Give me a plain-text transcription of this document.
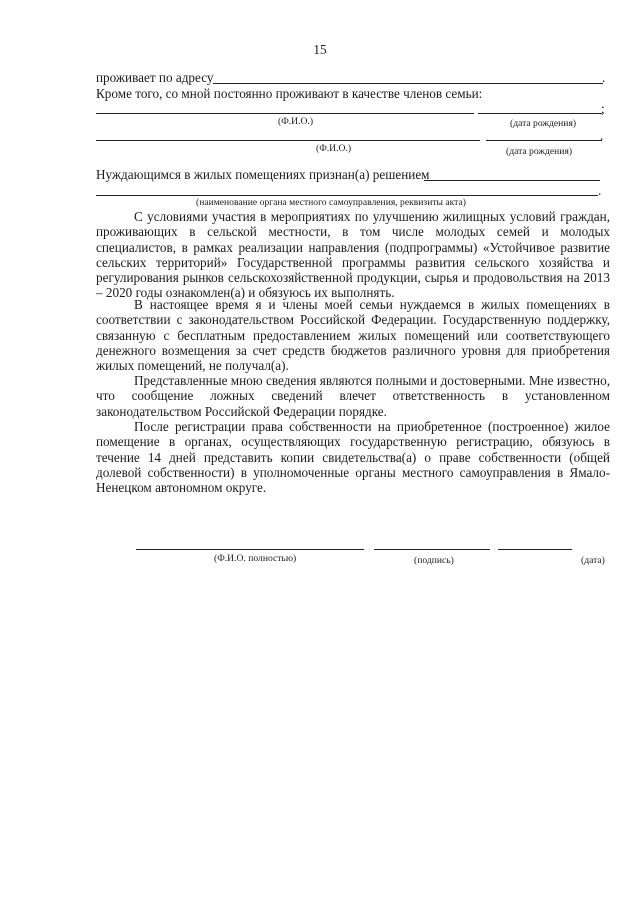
15
проживает по адресу	.
Кроме того, со мной постоянно проживают в качестве членов семьи:
;
(Ф.И.О.)	(дата рождения)
.
(Ф.И.О.)	(дата рождения)
Нуждающимся в жилых помещениях признан(а) решением
.
(наименование органа местного самоуправления, реквизиты акта)
С условиями участия в мероприятиях по улучшению жилищных условий граждан, проживающих в сельской местности, в том числе молодых семей и молодых специалистов, в рамках реализации направления (подпрограммы) «Устойчивое развитие сельских территорий» Государственной программы развития сельского хозяйства и регулирования рынков сельскохозяйственной продукции, сырья и продовольствия на 2013 – 2020 годы ознакомлен(а) и обязуюсь их выполнять.
В настоящее время я и члены моей семьи нуждаемся в жилых помещениях в соответствии с законодательством Российской Федерации. Государственную поддержку, связанную с бесплатным предоставлением жилых помещений или соответствующего денежного возмещения за счет средств бюджетов различного уровня для приобретения жилых помещений, не получал(а).
Представленные мною сведения являются полными и достоверными. Мне известно, что сообщение ложных сведений влечет ответственность в установленном законодательством Российской Федерации порядке.
После регистрации права собственности на приобретенное (построенное) жилое помещение в органах, осуществляющих государственную регистрацию, обязуюсь в течение 14 дней представить копии свидетельства(а) о праве собственности (общей долевой собственности) в уполномоченные органы местного самоуправления в Ямало-Ненецком автономном округе.
(Ф.И.О. полностью)	(подпись)	(дата)
